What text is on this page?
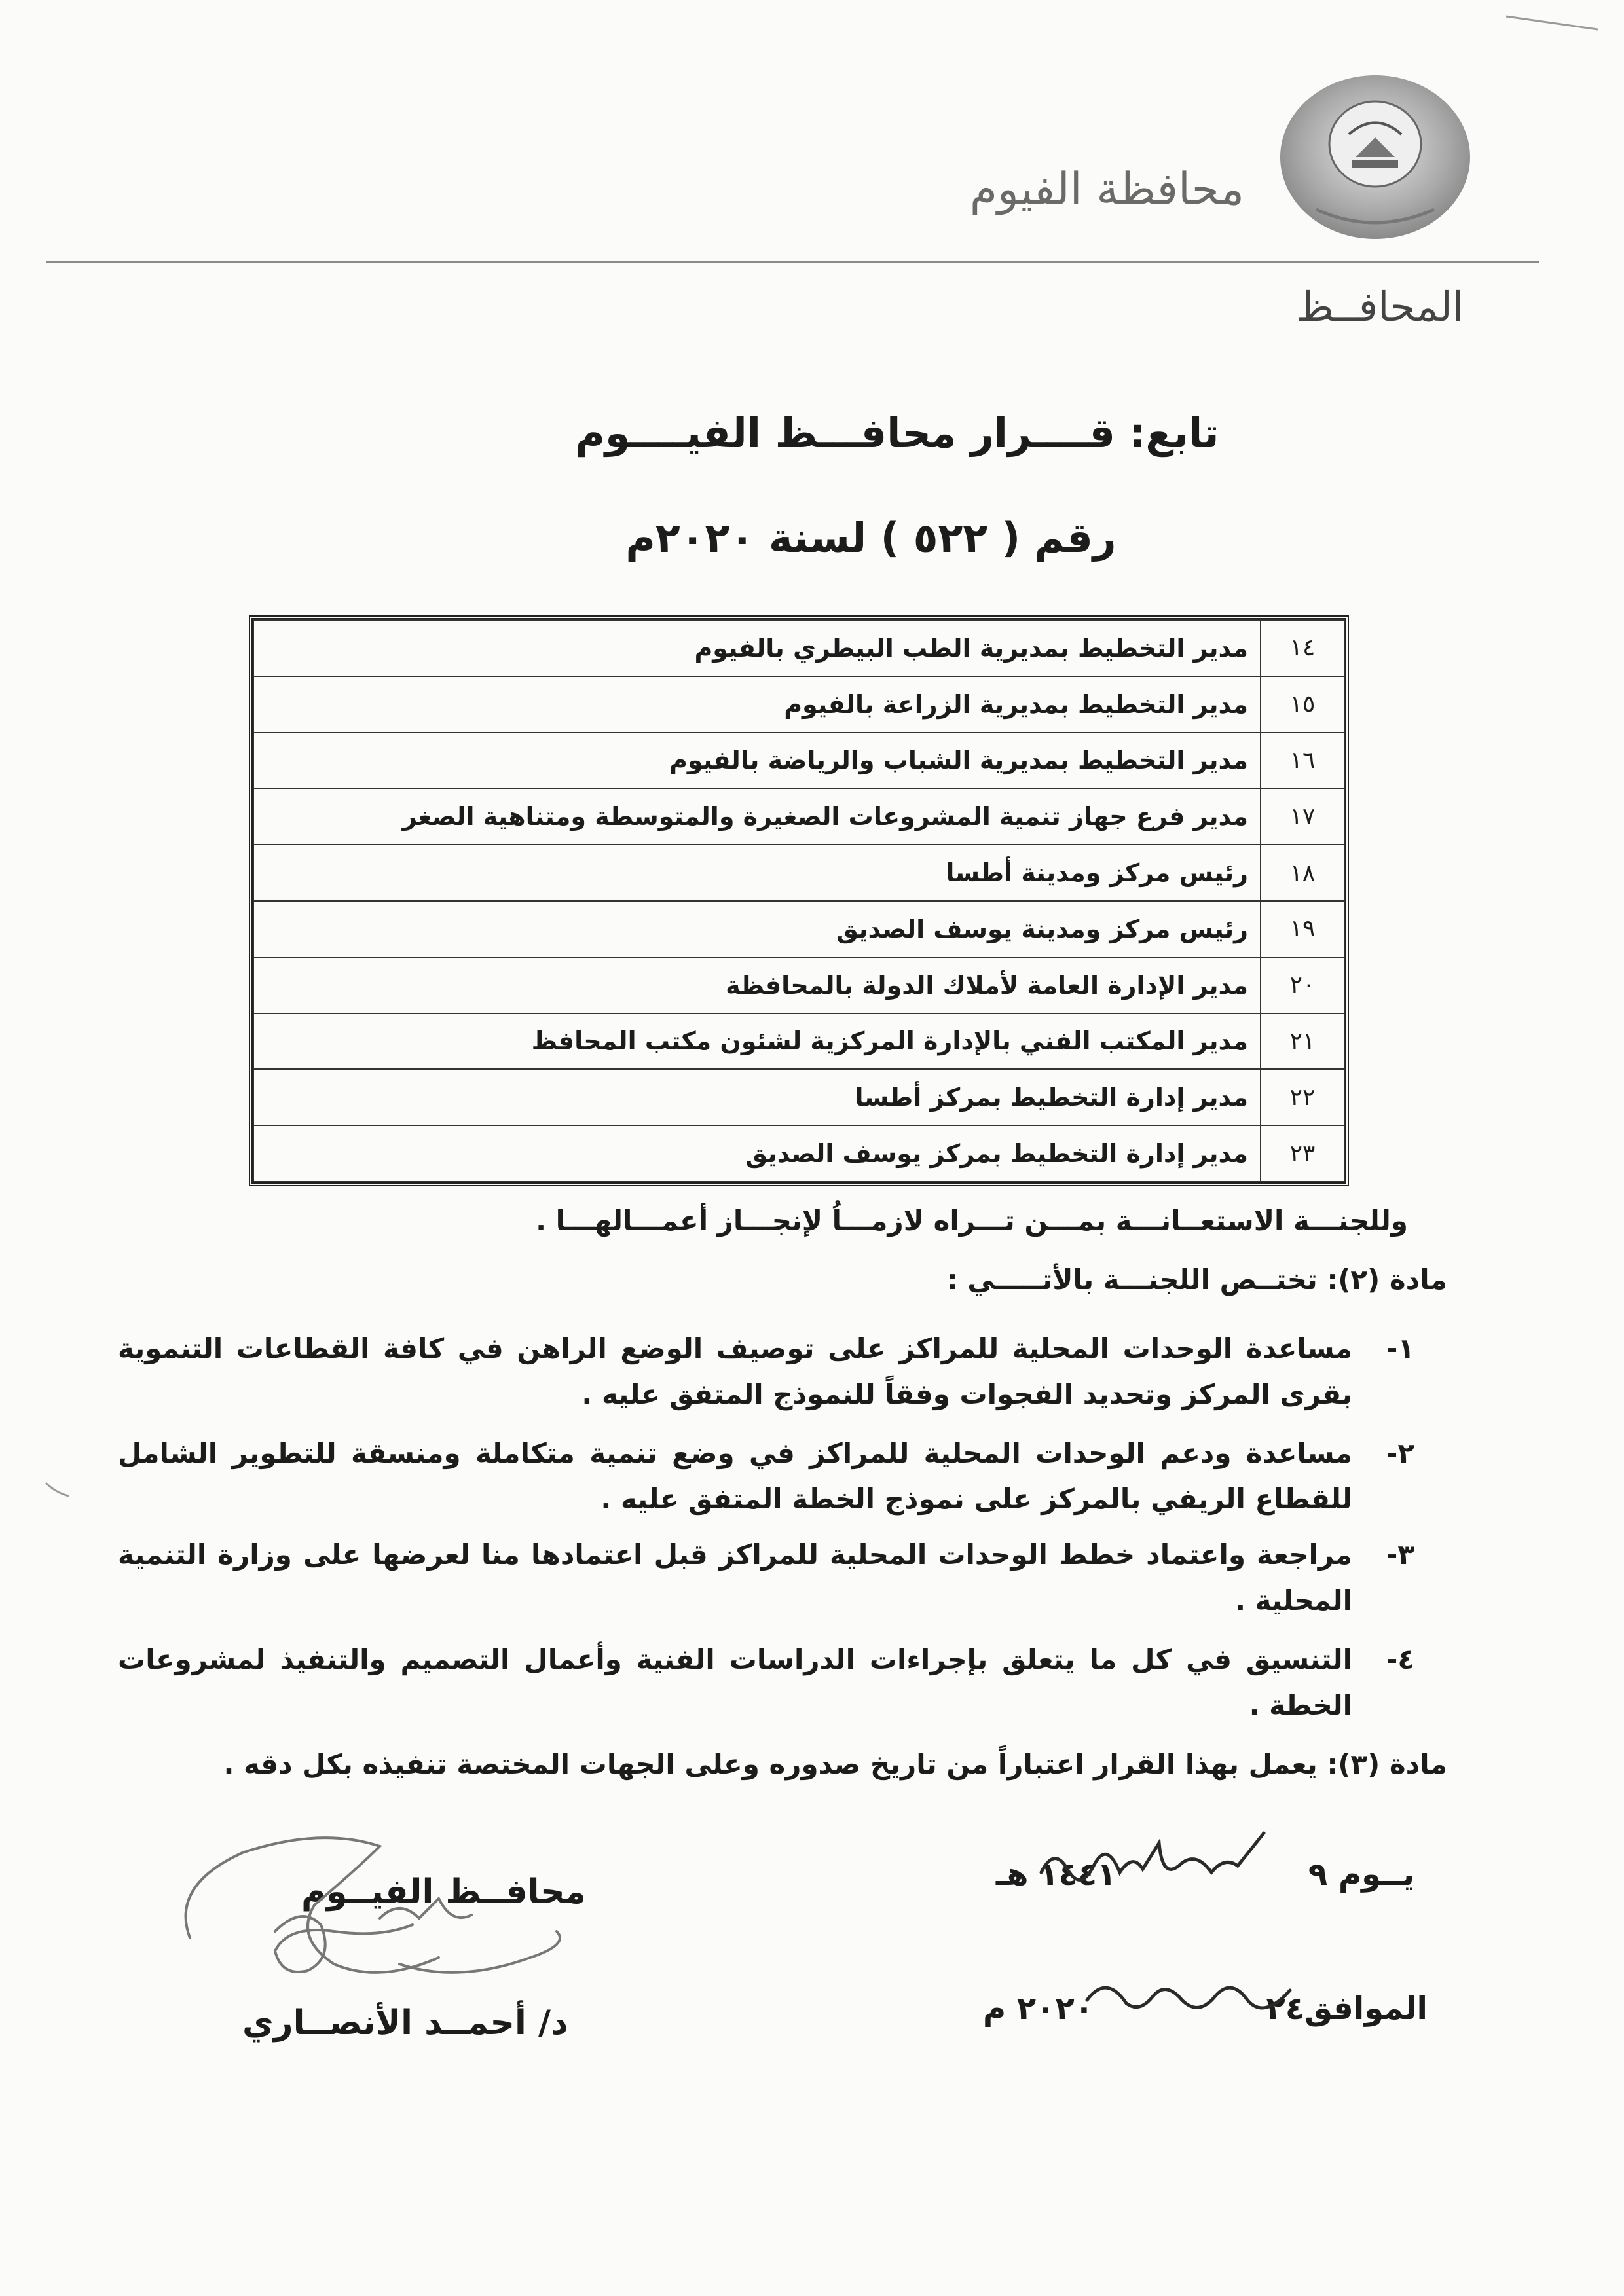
محافظة الفيوم
المحافــظ
تابع: قــــرار محافـــظ الفيــــوم
رقم ( ٥٢٢ ) لسنة ٢٠٢٠م
١٤	مدير التخطيط بمديرية الطب البيطري بالفيوم
١٥	مدير التخطيط بمديرية الزراعة بالفيوم
١٦	مدير التخطيط بمديرية الشباب والرياضة بالفيوم
١٧	مدير فرع جهاز تنمية المشروعات الصغيرة والمتوسطة ومتناهية الصغر
١٨	رئيس مركز ومدينة أطسا
١٩	رئيس مركز ومدينة يوسف الصديق
٢٠	مدير الإدارة العامة لأملاك الدولة بالمحافظة
٢١	مدير المكتب الفني بالإدارة المركزية لشئون مكتب المحافظ
٢٢	مدير إدارة التخطيط بمركز أطسا
٢٣	مدير إدارة التخطيط بمركز يوسف الصديق
وللجنـــة الاستعــانـــة بمـــن تـــراه لازمـــاُ لإنجـــاز أعمـــالهـــا .
مادة (٢): تختــص اللجنـــة بالأتـــــي :
١-
مساعدة الوحدات المحلية للمراكز على توصيف الوضع الراهن في كافة القطاعات التنموية بقرى المركز وتحديد الفجوات وفقاً للنموذج المتفق عليه .
٢-
مساعدة ودعم الوحدات المحلية للمراكز في وضع تنمية متكاملة ومنسقة للتطوير الشامل للقطاع الريفي بالمركز على نموذج الخطة المتفق عليه .
٣-
مراجعة واعتماد خطط الوحدات المحلية للمراكز قبل اعتمادها منا لعرضها على وزارة التنمية المحلية .
٤-
التنسيق في كل ما يتعلق بإجراءات الدراسات الفنية وأعمال التصميم والتنفيذ لمشروعات الخطة .
مادة (٣): يعمل بهذا القرار اعتباراً من تاريخ صدوره وعلى الجهات المختصة تنفيذه بكل دقه .
يــوم ٩  ١٤٤١ هـ
الموافق٢٤  ٢٠٢٠ م
محافــظ الفيــوم
د/ أحمــد الأنصــاري
